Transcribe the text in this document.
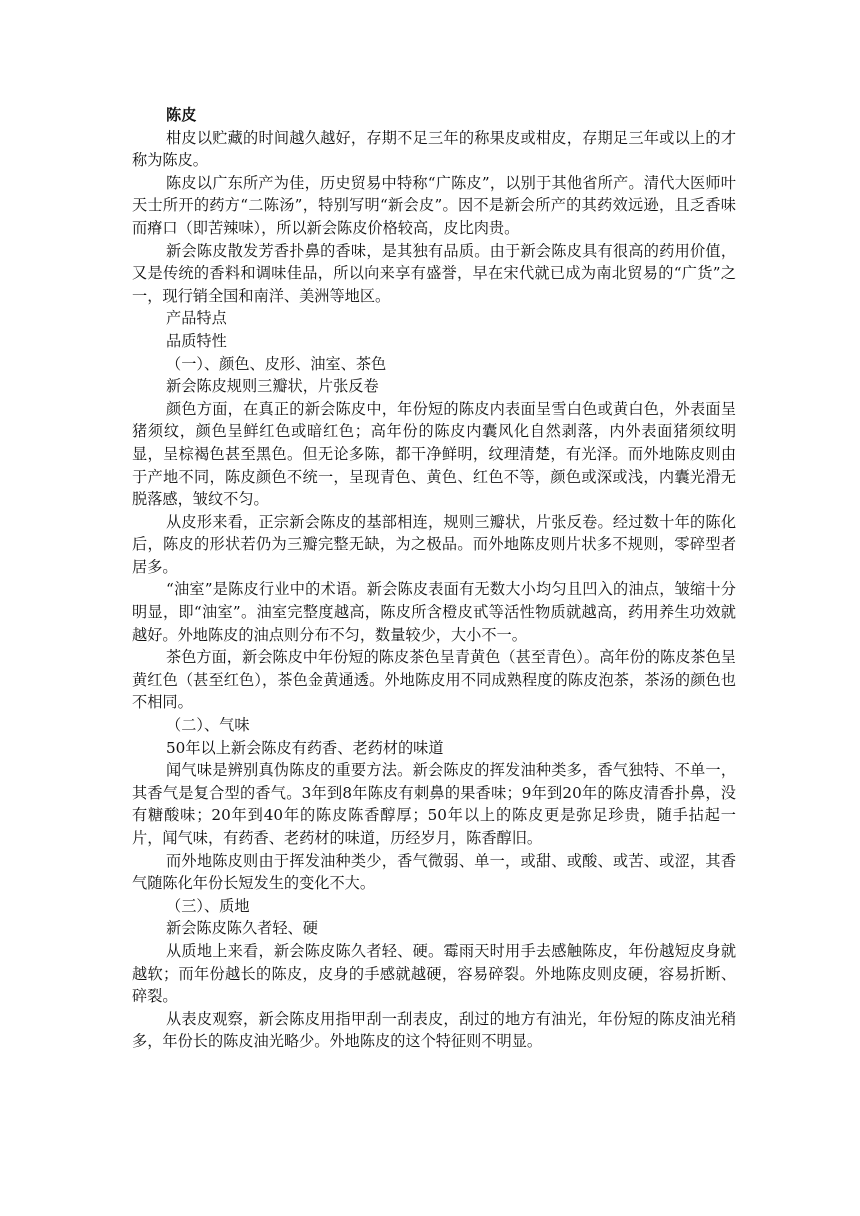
陈皮

柑皮以贮藏的时间越久越好，存期不足三年的称果皮或柑皮，存期足三年或以上的才称为陈皮。

陈皮以广东所产为佳，历史贸易中特称“广陈皮”，以别于其他省所产。清代大医师叶天士所开的药方“二陈汤”，特别写明“新会皮”。因不是新会所产的其药效远逊，且乏香味而瘠口（即苦辣味），所以新会陈皮价格较高，皮比肉贵。

新会陈皮散发芳香扑鼻的香味，是其独有品质。由于新会陈皮具有很高的药用价值，又是传统的香料和调味佳品，所以向来享有盛誉，早在宋代就已成为南北贸易的“广货”之一，现行销全国和南洋、美洲等地区。

产品特点

品质特性

（一）、颜色、皮形、油室、茶色

新会陈皮规则三瓣状，片张反卷

颜色方面，在真正的新会陈皮中，年份短的陈皮内表面呈雪白色或黄白色，外表面呈猪须纹，颜色呈鲜红色或暗红色；高年份的陈皮内囊风化自然剥落，内外表面猪须纹明显，呈棕褐色甚至黑色。但无论多陈，都干净鲜明，纹理清楚，有光泽。而外地陈皮则由于产地不同，陈皮颜色不统一，呈现青色、黄色、红色不等，颜色或深或浅，内囊光滑无脱落感，皱纹不匀。

从皮形来看，正宗新会陈皮的基部相连，规则三瓣状，片张反卷。经过数十年的陈化后，陈皮的形状若仍为三瓣完整无缺，为之极品。而外地陈皮则片状多不规则，零碎型者居多。

“油室”是陈皮行业中的术语。新会陈皮表面有无数大小均匀且凹入的油点，皱缩十分明显，即“油室”。油室完整度越高，陈皮所含橙皮甙等活性物质就越高，药用养生功效就越好。外地陈皮的油点则分布不匀，数量较少，大小不一。

茶色方面，新会陈皮中年份短的陈皮茶色呈青黄色（甚至青色）。高年份的陈皮茶色呈黄红色（甚至红色），茶色金黄通透。外地陈皮用不同成熟程度的陈皮泡茶，茶汤的颜色也不相同。

（二）、气味

50年以上新会陈皮有药香、老药材的味道

闻气味是辨别真伪陈皮的重要方法。新会陈皮的挥发油种类多，香气独特、不单一，其香气是复合型的香气。3年到8年陈皮有刺鼻的果香味；9年到20年的陈皮清香扑鼻，没有糖酸味；20年到40年的陈皮陈香醇厚；50年以上的陈皮更是弥足珍贵，随手拈起一片，闻气味，有药香、老药材的味道，历经岁月，陈香醇旧。

而外地陈皮则由于挥发油种类少，香气微弱、单一，或甜、或酸、或苦、或涩，其香气随陈化年份长短发生的变化不大。

（三）、质地

新会陈皮陈久者轻、硬

从质地上来看，新会陈皮陈久者轻、硬。霉雨天时用手去感触陈皮，年份越短皮身就越软；而年份越长的陈皮，皮身的手感就越硬，容易碎裂。外地陈皮则皮硬，容易折断、碎裂。

从表皮观察，新会陈皮用指甲刮一刮表皮，刮过的地方有油光，年份短的陈皮油光稍多，年份长的陈皮油光略少。外地陈皮的这个特征则不明显。
